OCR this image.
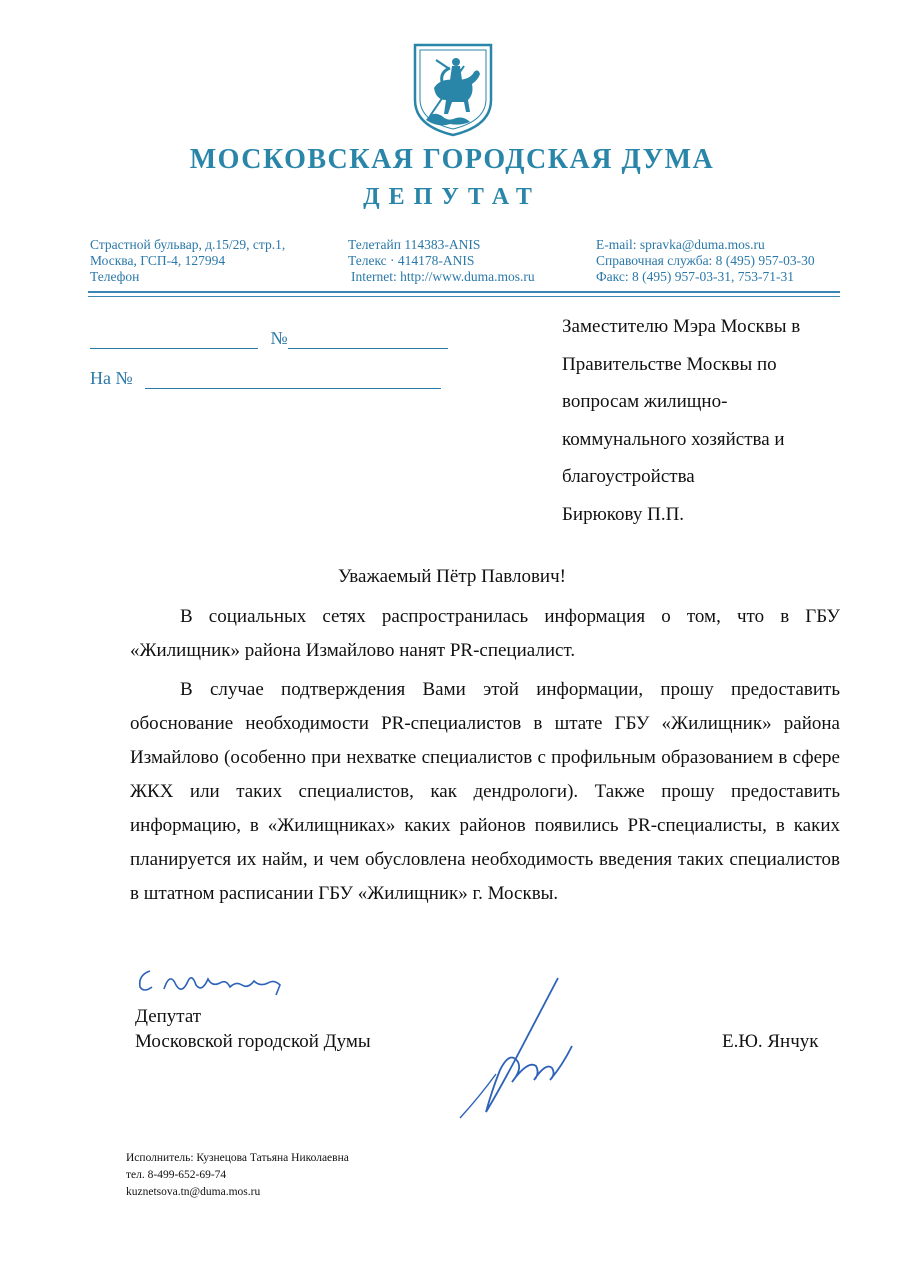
МОСКОВСКАЯ ГОРОДСКАЯ ДУМА
ДЕПУТАТ
Страстной бульвар, д.15/29, стр.1,
Москва, ГСП-4, 127994
Телефон
Телетайп 114383-ANIS
Телекс · 414178-ANIS
Internet: http://www.duma.mos.ru
E-mail: spravka@duma.mos.ru
Справочная служба: 8 (495) 957-03-30
Факс: 8 (495) 957-03-31, 753-71-31
№
На №
Заместителю Мэра Москвы в
Правительстве Москвы по
вопросам жилищно-
коммунального хозяйства и
благоустройства
Бирюкову П.П.
Уважаемый Пётр Павлович!
В социальных сетях распространилась информация о том, что в ГБУ «Жилищник» района Измайлово нанят PR-специалист.
В случае подтверждения Вами этой информации, прошу предоставить обоснование необходимости PR-специалистов в штате ГБУ «Жилищник» района Измайлово (особенно при нехватке специалистов с профильным образованием в сфере ЖКХ или таких специалистов, как дендрологи). Также прошу предоставить информацию, в «Жилищниках» каких районов появились PR-специалисты, в каких планируется их найм, и чем обусловлена необходимость введения таких специалистов в штатном расписании ГБУ «Жилищник» г. Москвы.
Депутат
Московской городской Думы	Е.Ю. Янчук
Исполнитель: Кузнецова Татьяна Николаевна
тел. 8-499-652-69-74
kuznetsova.tn@duma.mos.ru
